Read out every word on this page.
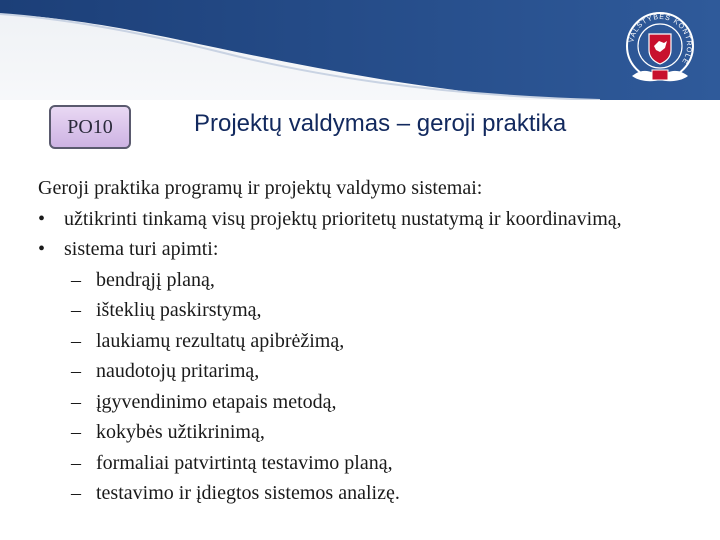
VALSTYBĖS KONTROLĖ
PO10	Projektų valdymas – geroji praktika
Geroji praktika programų ir projektų valdymo sistemai:
• užtikrinti tinkamą visų projektų prioritetų nustatymą ir koordinavimą,
• sistema turi apimti:
– bendrąjį planą,
– išteklių paskirstymą,
– laukiamų rezultatų apibrėžimą,
– naudotojų pritarimą,
– įgyvendinimo etapais metodą,
– kokybės užtikrinimą,
– formaliai patvirtintą testavimo planą,
– testavimo ir įdiegtos sistemos analizę.
